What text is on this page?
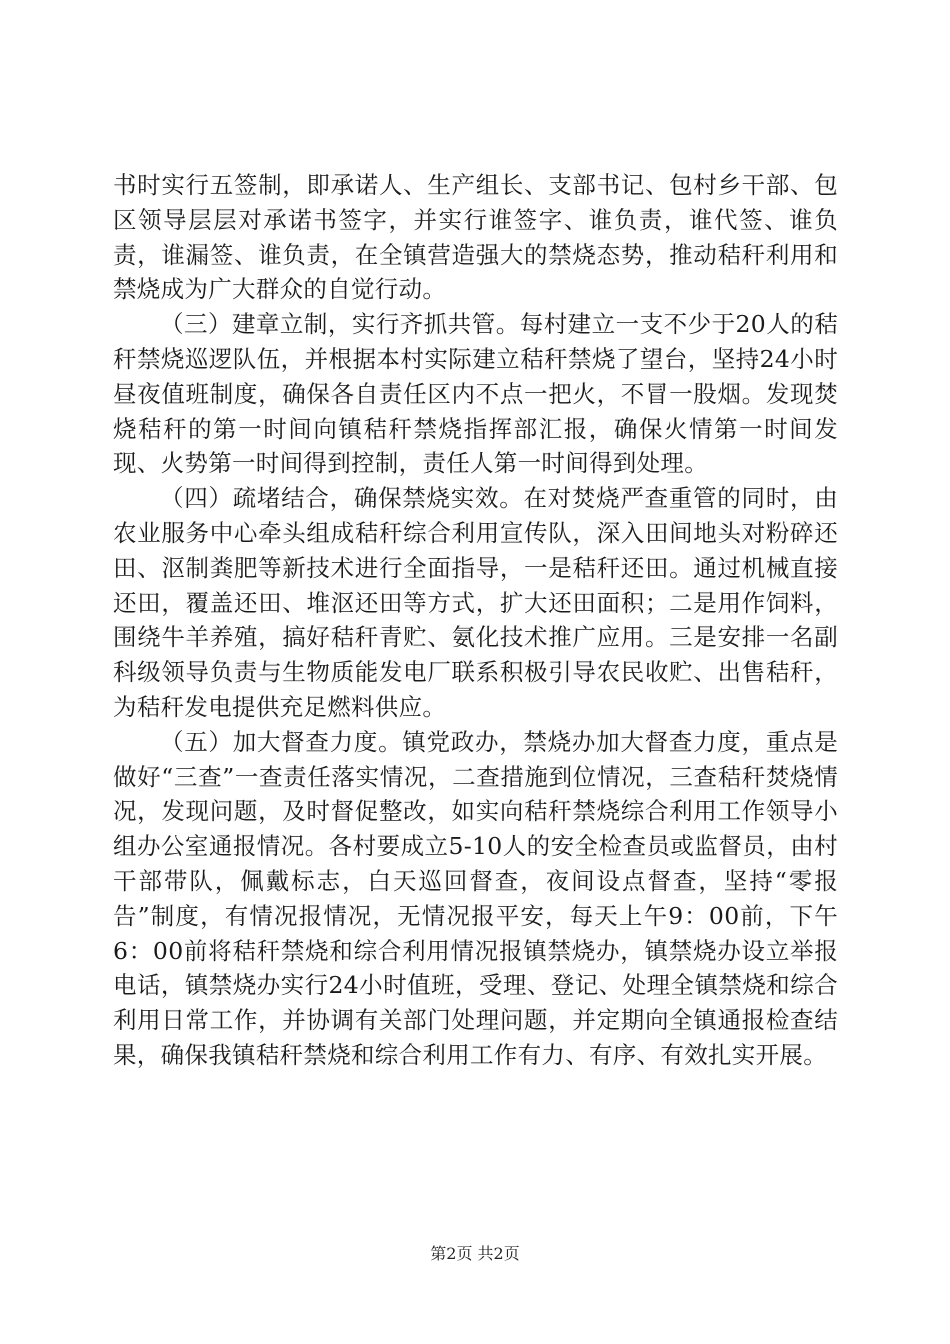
书时实行五签制，即承诺人、生产组长、支部书记、包村乡干部、包区领导层层对承诺书签字，并实行谁签字、谁负责，谁代签、谁负责，谁漏签、谁负责，在全镇营造强大的禁烧态势，推动秸秆利用和禁烧成为广大群众的自觉行动。

（三）建章立制，实行齐抓共管。每村建立一支不少于20人的秸秆禁烧巡逻队伍，并根据本村实际建立秸秆禁烧了望台，坚持24小时昼夜值班制度，确保各自责任区内不点一把火，不冒一股烟。发现焚烧秸秆的第一时间向镇秸秆禁烧指挥部汇报，确保火情第一时间发现、火势第一时间得到控制，责任人第一时间得到处理。

（四）疏堵结合，确保禁烧实效。在对焚烧严查重管的同时，由农业服务中心牵头组成秸秆综合利用宣传队，深入田间地头对粉碎还田、沤制粪肥等新技术进行全面指导，一是秸秆还田。通过机械直接还田，覆盖还田、堆沤还田等方式，扩大还田面积；二是用作饲料，围绕牛羊养殖，搞好秸秆青贮、氨化技术推广应用。三是安排一名副科级领导负责与生物质能发电厂联系积极引导农民收贮、出售秸秆，为秸秆发电提供充足燃料供应。

（五）加大督查力度。镇党政办，禁烧办加大督查力度，重点是做好“三查”一查责任落实情况，二查措施到位情况，三查秸秆焚烧情况，发现问题，及时督促整改，如实向秸秆禁烧综合利用工作领导小组办公室通报情况。各村要成立5-10人的安全检查员或监督员，由村干部带队，佩戴标志，白天巡回督查，夜间设点督查，坚持“零报告”制度，有情况报情况，无情况报平安，每天上午9：00前，下午6：00前将秸秆禁烧和综合利用情况报镇禁烧办，镇禁烧办设立举报电话，镇禁烧办实行24小时值班，受理、登记、处理全镇禁烧和综合利用日常工作，并协调有关部门处理问题，并定期向全镇通报检查结果，确保我镇秸秆禁烧和综合利用工作有力、有序、有效扎实开展。

第2页 共2页
